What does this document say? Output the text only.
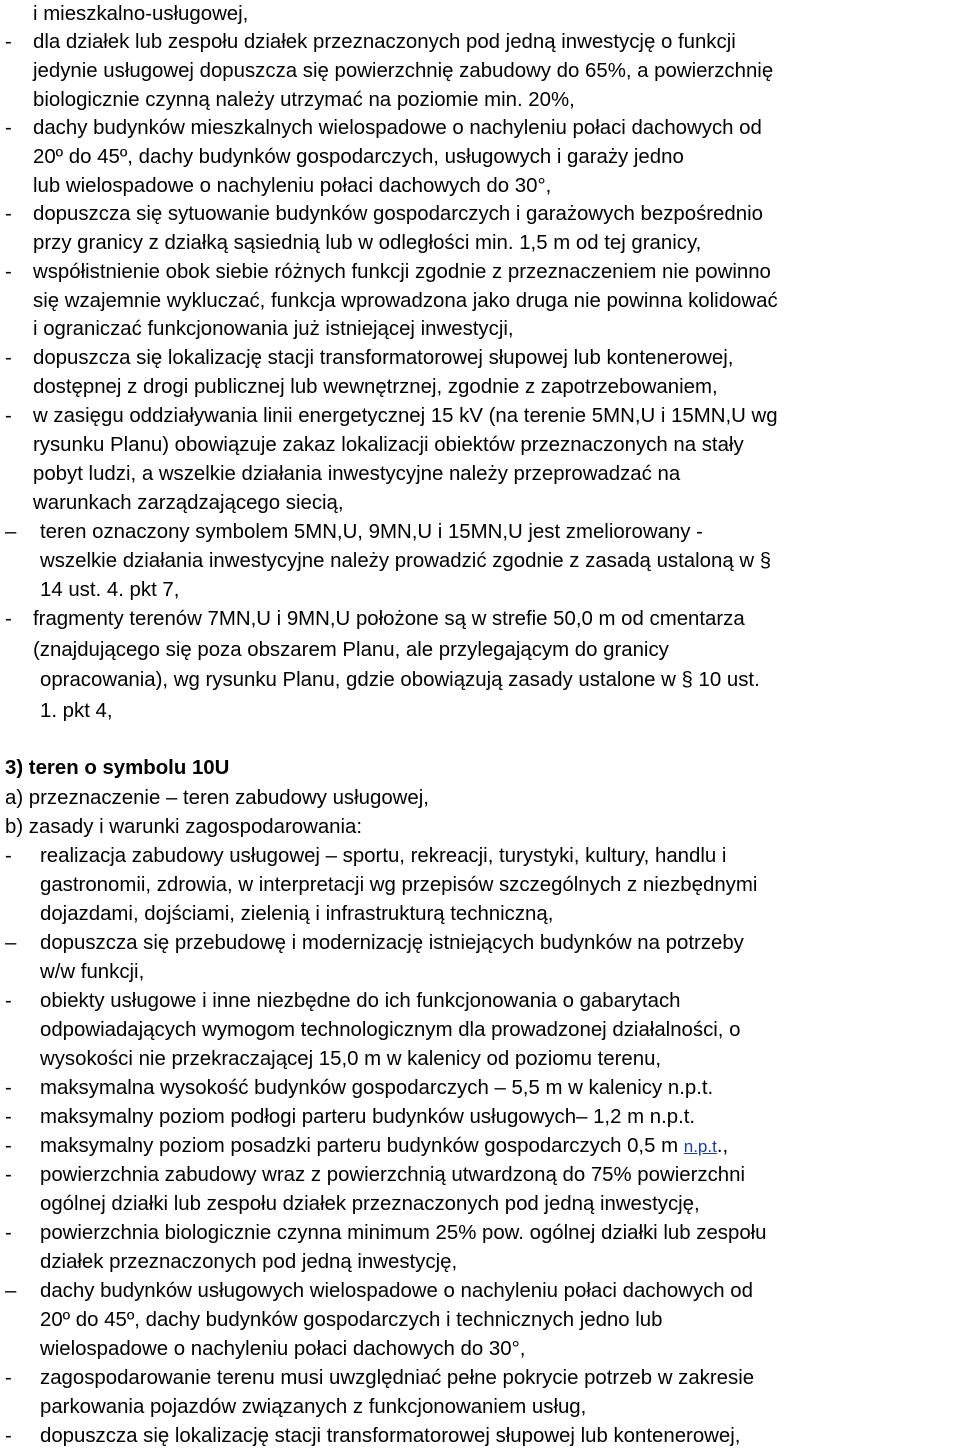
i mieszkalno-usługowej,
- dla działek lub zespołu działek przeznaczonych pod jedną inwestycję o funkcji
jedynie usługowej dopuszcza się powierzchnię zabudowy do 65%, a powierzchnię
biologicznie czynną należy utrzymać na poziomie min. 20%,
- dachy budynków mieszkalnych wielospadowe o nachyleniu połaci dachowych od
20º do 45º, dachy budynków gospodarczych, usługowych i garaży jedno
lub wielospadowe o nachyleniu połaci dachowych do 30°,
- dopuszcza się sytuowanie budynków gospodarczych i garażowych bezpośrednio
przy granicy z działką sąsiednią lub w odległości min. 1,5 m od tej granicy,
- współistnienie obok siebie różnych funkcji zgodnie z przeznaczeniem nie powinno
się wzajemnie wykluczać, funkcja wprowadzona jako druga nie powinna kolidować
i ograniczać funkcjonowania już istniejącej inwestycji,
- dopuszcza się lokalizację stacji transformatorowej słupowej lub kontenerowej,
dostępnej z drogi publicznej lub wewnętrznej, zgodnie z zapotrzebowaniem,
- w zasięgu oddziaływania linii energetycznej 15 kV (na terenie 5MN,U i 15MN,U wg
rysunku Planu) obowiązuje zakaz lokalizacji obiektów przeznaczonych na stały
pobyt ludzi, a wszelkie działania inwestycyjne należy przeprowadzać na
warunkach zarządzającego siecią,
– teren oznaczony symbolem 5MN,U, 9MN,U i 15MN,U jest zmeliorowany -
wszelkie działania inwestycyjne należy prowadzić zgodnie z zasadą ustaloną w §
14 ust. 4. pkt 7,
- fragmenty terenów 7MN,U i 9MN,U położone są w strefie 50,0 m od cmentarza
(znajdującego się poza obszarem Planu, ale przylegającym do granicy
opracowania), wg rysunku Planu, gdzie obowiązują zasady ustalone w § 10 ust.
1. pkt 4,
3) teren o symbolu 10U
a) przeznaczenie – teren zabudowy usługowej,
b) zasady i warunki zagospodarowania:
- realizacja zabudowy usługowej – sportu, rekreacji, turystyki, kultury, handlu i
gastronomii, zdrowia, w interpretacji wg przepisów szczególnych z niezbędnymi
dojazdami, dojściami, zielenią i infrastrukturą techniczną,
– dopuszcza się przebudowę i modernizację istniejących budynków na potrzeby
w/w funkcji,
- obiekty usługowe i inne niezbędne do ich funkcjonowania o gabarytach
odpowiadających wymogom technologicznym dla prowadzonej działalności, o
wysokości nie przekraczającej 15,0 m w kalenicy od poziomu terenu,
- maksymalna wysokość budynków gospodarczych – 5,5 m w kalenicy n.p.t.
- maksymalny poziom podłogi parteru budynków usługowych– 1,2 m n.p.t.
- maksymalny poziom posadzki parteru budynków gospodarczych 0,5 m n.p.t.,
- powierzchnia zabudowy wraz z powierzchnią utwardzoną do 75% powierzchni
ogólnej działki lub zespołu działek przeznaczonych pod jedną inwestycję,
- powierzchnia biologicznie czynna minimum 25% pow. ogólnej działki lub zespołu
działek przeznaczonych pod jedną inwestycję,
– dachy budynków usługowych wielospadowe o nachyleniu połaci dachowych od
20º do 45º, dachy budynków gospodarczych i technicznych jedno lub
wielospadowe o nachyleniu połaci dachowych do 30°,
- zagospodarowanie terenu musi uwzględniać pełne pokrycie potrzeb w zakresie
parkowania pojazdów związanych z funkcjonowaniem usług,
- dopuszcza się lokalizację stacji transformatorowej słupowej lub kontenerowej,
